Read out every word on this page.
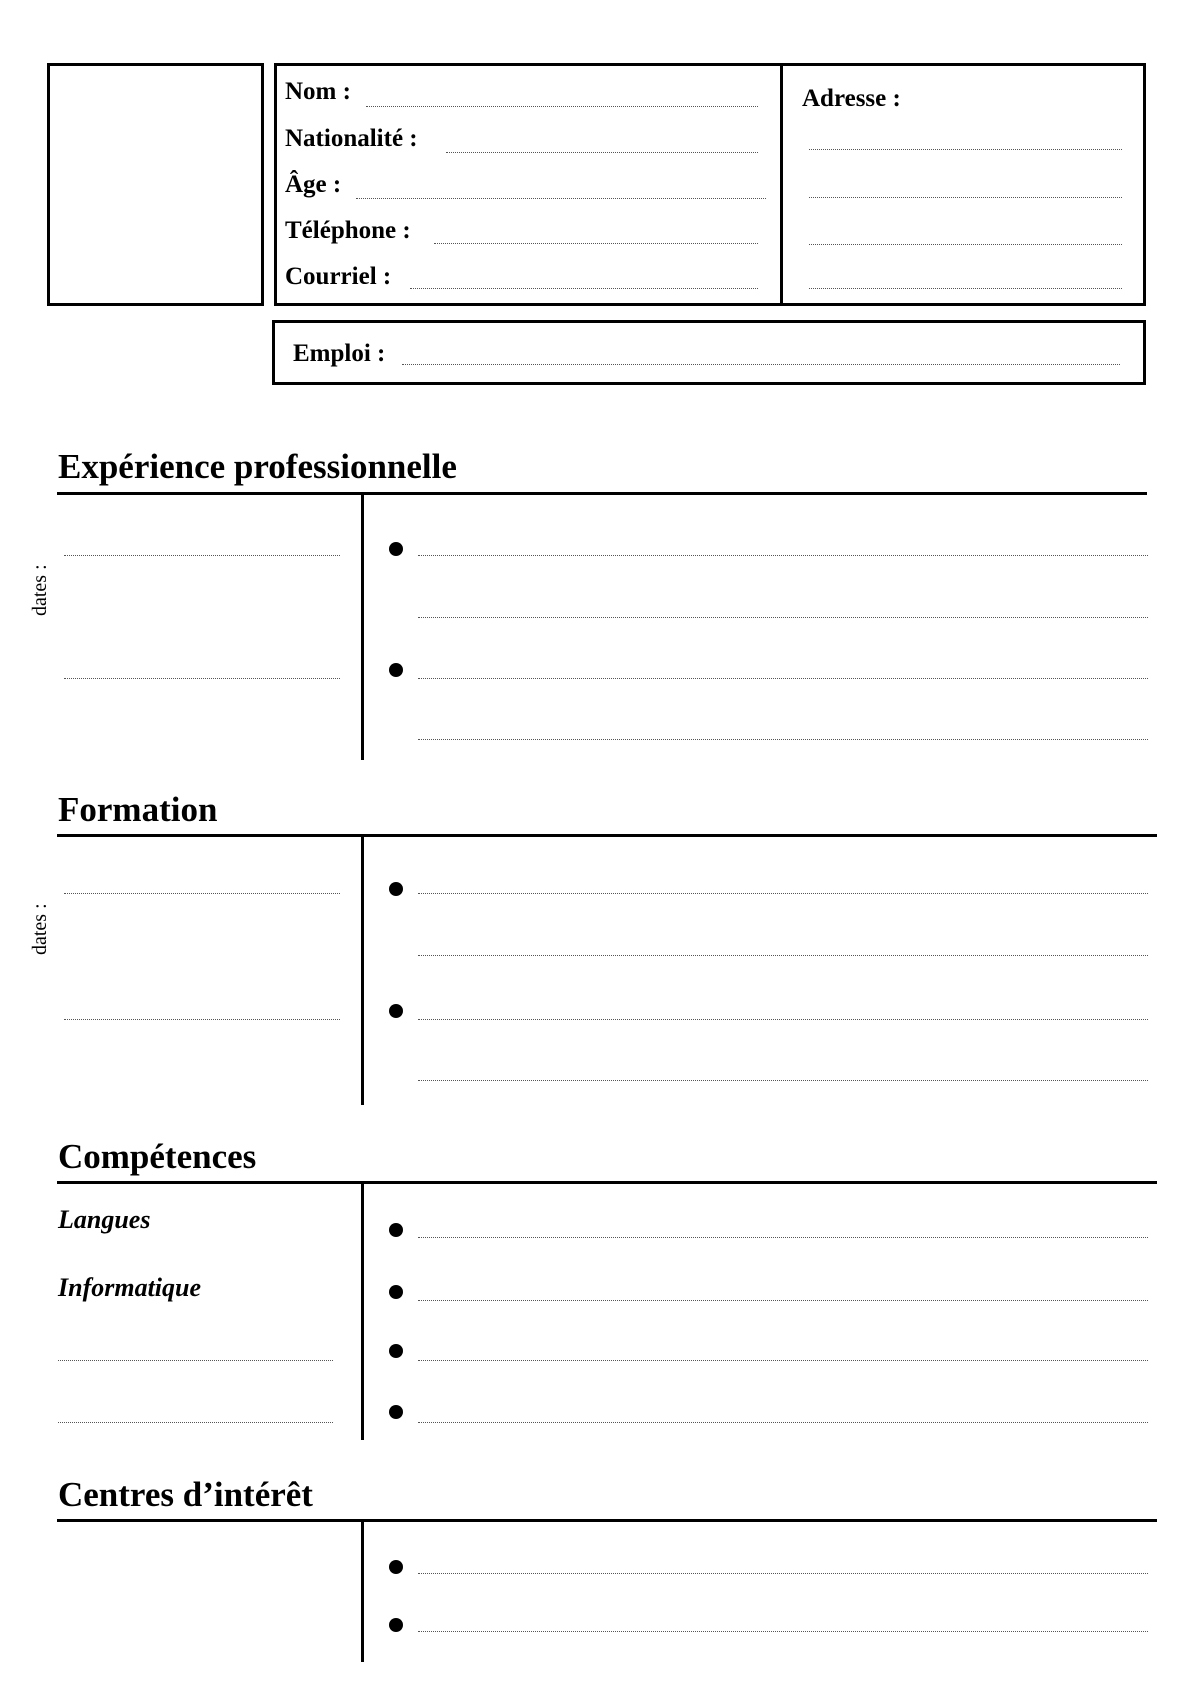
Nom :
Nationalité :
Âge :
Téléphone :
Courriel :
Adresse :
Emploi :
Expérience professionnelle
dates :
Formation
dates :
Compétences
Langues
Informatique
Centres d’intérêt
